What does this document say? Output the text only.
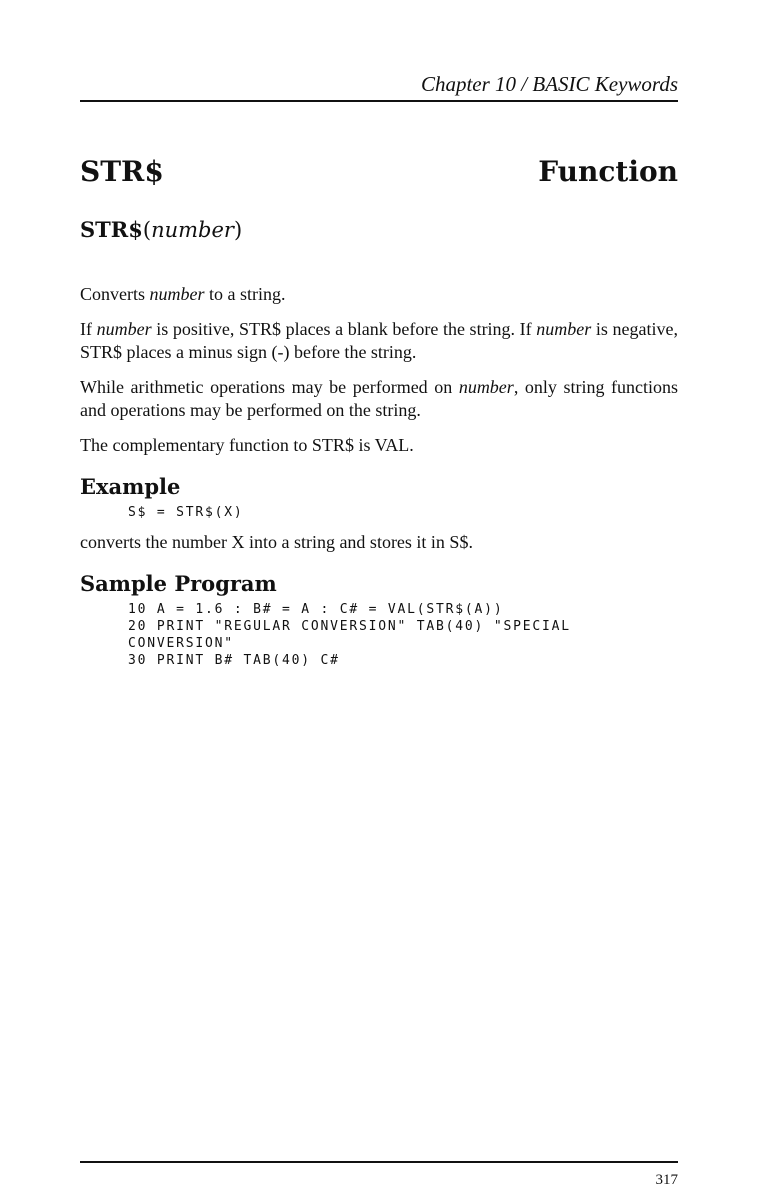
Chapter 10 / BASIC Keywords
STR$	Function
STR$(number)

Converts number to a string.

If number is positive, STR$ places a blank before the string. If number is negative, STR$ places a minus sign (-) before the string.

While arithmetic operations may be performed on number, only string functions and operations may be performed on the string.

The complementary function to STR$ is VAL.

Example
S$ = STR$(X)

converts the number X into a string and stores it in S$.

Sample Program
10 A = 1.6 : B# = A : C# = VAL(STR$(A))
20 PRINT "REGULAR CONVERSION" TAB(40) "SPECIAL
CONVERSION"
30 PRINT B# TAB(40) C#
317
